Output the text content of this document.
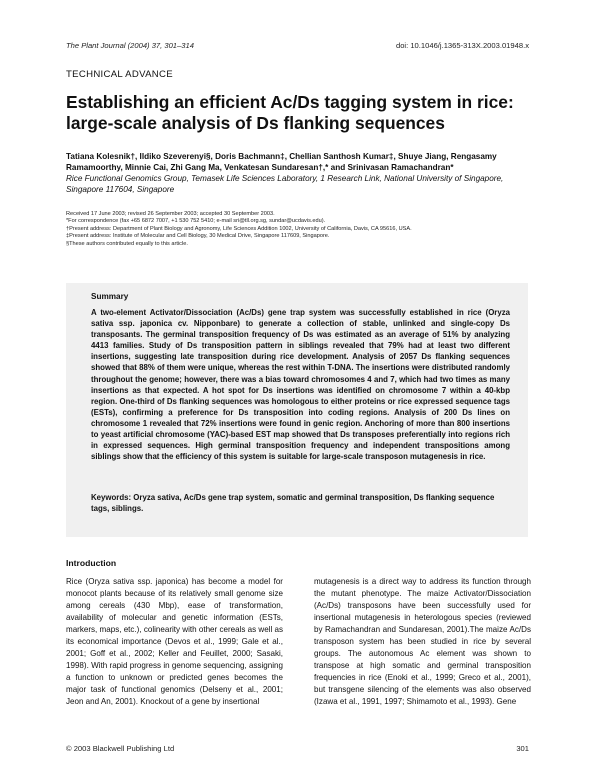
The Plant Journal (2004) 37, 301–314	doi: 10.1046/j.1365-313X.2003.01948.x
TECHNICAL ADVANCE
Establishing an efficient Ac/Ds tagging system in rice: large-scale analysis of Ds flanking sequences
Tatiana Kolesnik†, Ildiko Szeverenyi§, Doris Bachmann‡, Chellian Santhosh Kumar‡, Shuye Jiang, Rengasamy Ramamoorthy, Minnie Cai, Zhi Gang Ma, Venkatesan Sundaresan†,* and Srinivasan Ramachandran*
Rice Functional Genomics Group, Temasek Life Sciences Laboratory, 1 Research Link, National University of Singapore, Singapore 117604, Singapore
Received 17 June 2003; revised 26 September 2003; accepted 30 September 2003.
*For correspondence (fax +65 6872 7007, +1 530 752 5410; e-mail sri@tll.org.sg, sundar@ucdavis.edu).
†Present address: Department of Plant Biology and Agronomy, Life Sciences Addition 1002, University of California, Davis, CA 95616, USA.
‡Present address: Institute of Molecular and Cell Biology, 30 Medical Drive, Singapore 117609, Singapore.
§These authors contributed equally to this article.
Summary

A two-element Activator/Dissociation (Ac/Ds) gene trap system was successfully established in rice (Oryza sativa ssp. japonica cv. Nipponbare) to generate a collection of stable, unlinked and single-copy Ds transposants. The germinal transposition frequency of Ds was estimated as an average of 51% by analyzing 4413 families. Study of Ds transposition pattern in siblings revealed that 79% had at least two different insertions, suggesting late transposition during rice development. Analysis of 2057 Ds flanking sequences showed that 88% of them were unique, whereas the rest within T-DNA. The insertions were distributed randomly throughout the genome; however, there was a bias toward chromosomes 4 and 7, which had two times as many insertions as that expected. A hot spot for Ds insertions was identified on chromosome 7 within a 40-kbp region. One-third of Ds flanking sequences was homologous to either proteins or rice expressed sequence tags (ESTs), confirming a preference for Ds transposition into coding regions. Analysis of 200 Ds lines on chromosome 1 revealed that 72% insertions were found in genic region. Anchoring of more than 800 insertions to yeast artificial chromosome (YAC)-based EST map showed that Ds transposes preferentially into regions rich in expressed sequences. High germinal transposition frequency and independent transpositions among siblings show that the efficiency of this system is suitable for large-scale transposon mutagenesis in rice.

Keywords: Oryza sativa, Ac/Ds gene trap system, somatic and germinal transposition, Ds flanking sequence tags, siblings.
Introduction

Rice (Oryza sativa ssp. japonica) has become a model for monocot plants because of its relatively small genome size among cereals (430 Mbp), ease of transformation, availability of molecular and genetic information (ESTs, markers, maps, etc.), colinearity with other cereals as well as its economical importance (Devos et al., 1999; Gale et al., 2001; Goff et al., 2002; Keller and Feuillet, 2000; Sasaki, 1998). With rapid progress in genome sequencing, assigning a function to unknown or predicted genes becomes the major task of functional genomics (Delseny et al., 2001; Jeon and An, 2001). Knockout of a gene by insertional

mutagenesis is a direct way to address its function through the mutant phenotype. The maize Activator/Dissociation (Ac/Ds) transposons have been successfully used for insertional mutagenesis in heterologous species (reviewed by Ramachandran and Sundaresan, 2001).The maize Ac/Ds transposon system has been studied in rice by several groups. The autonomous Ac element was shown to transpose at high somatic and germinal transposition frequencies in rice (Enoki et al., 1999; Greco et al., 2001), but transgene silencing of the elements was also observed (Izawa et al., 1991, 1997; Shimamoto et al., 1993). Gene

© 2003 Blackwell Publishing Ltd	301
